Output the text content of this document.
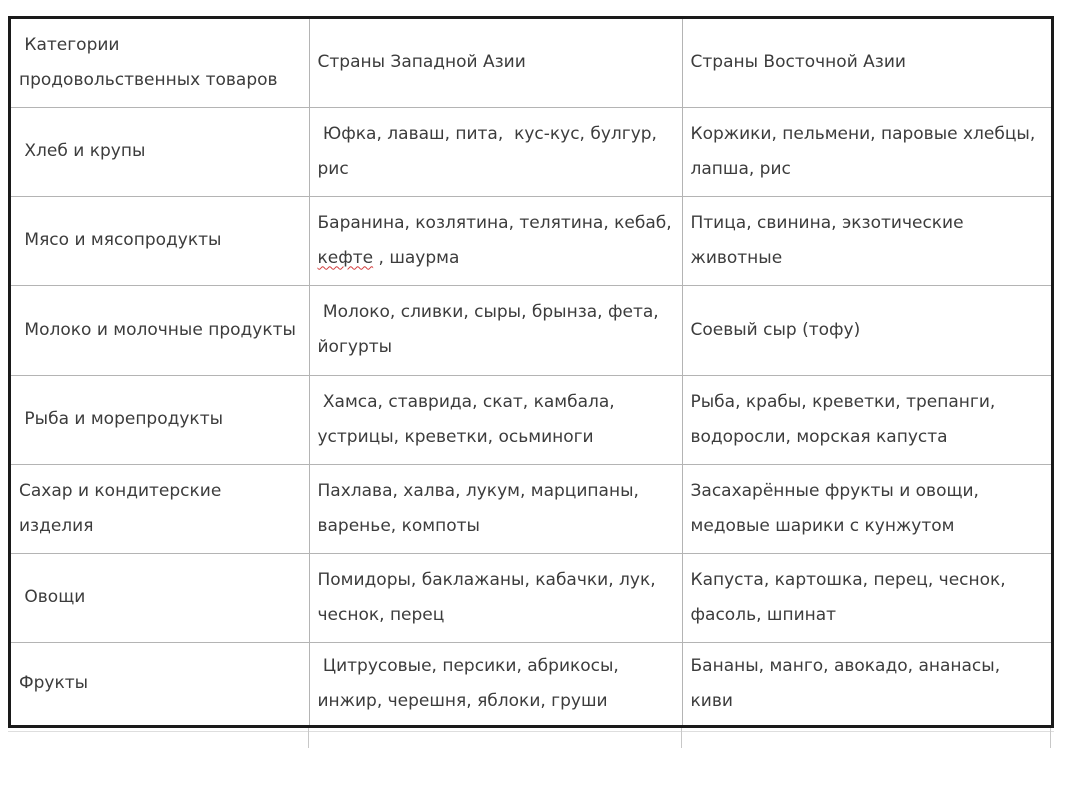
Категории продовольственных товаров	Страны Западной Азии	Страны Восточной Азии
Хлеб и крупы	Юфка, лаваш, пита,  кус-кус, булгур, рис	Коржики, пельмени, паровые хлебцы, лапша, рис
Мясо и мясопродукты	Баранина, козлятина, телятина, кебаб, кефте , шаурма	Птица, свинина, экзотические животные
Молоко и молочные продукты	Молоко, сливки, сыры, брынза, фета, йогурты	Соевый сыр (тофу)
Рыба и морепродукты	Хамса, ставрида, скат, камбала, устрицы, креветки, осьминоги	Рыба, крабы, креветки, трепанги, водоросли, морская капуста
Сахар и кондитерские изделия	Пахлава, халва, лукум, марципаны, варенье, компоты	Засахарённые фрукты и овощи, медовые шарики с кунжутом
Овощи	Помидоры, баклажаны, кабачки, лук, чеснок, перец	Капуста, картошка, перец, чеснок, фасоль, шпинат
Фрукты	Цитрусовые, персики, абрикосы, инжир, черешня, яблоки, груши	Бананы, манго, авокадо, ананасы, киви
